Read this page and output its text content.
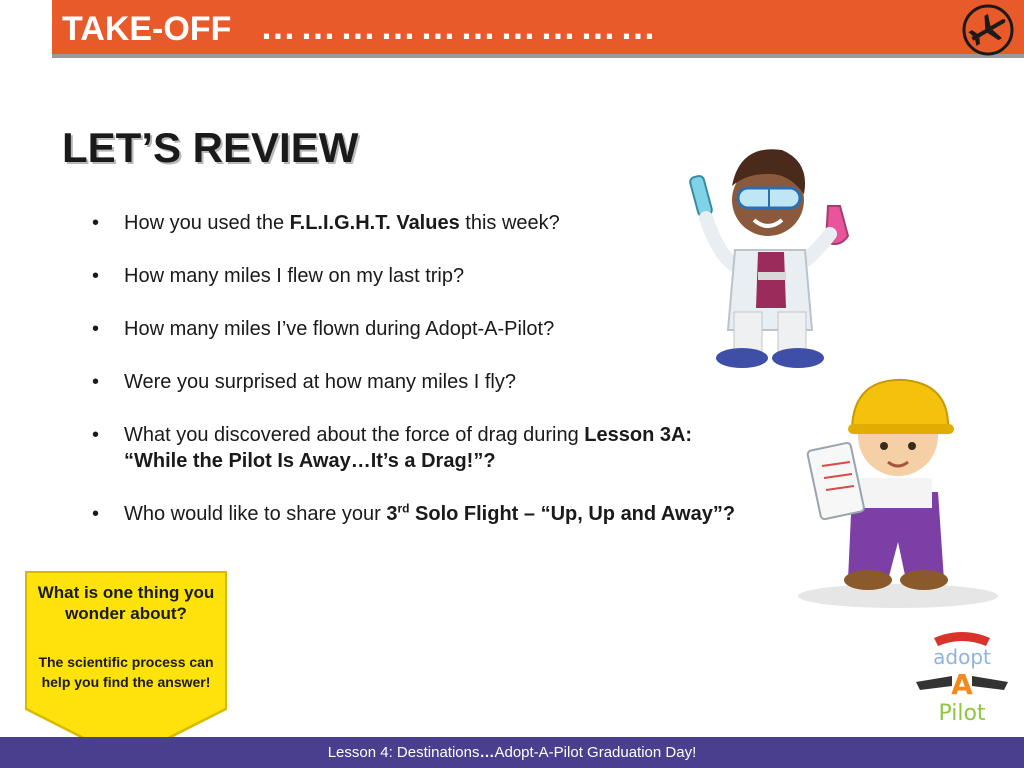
TAKE-OFF …………………………
LET’S REVIEW
• How you used the F.L.I.G.H.T. Values this week?
• How many miles I flew on my last trip?
• How many miles I’ve flown during Adopt-A-Pilot?
• Were you surprised at how many miles I fly?
• What you discovered about the force of drag during Lesson 3A: “While the Pilot Is Away…It’s a Drag!”?
• Who would like to share your 3rd Solo Flight – “Up, Up and Away”?
adopt
A
Pilot
What is one thing you wonder about?
The scientific process can help you find the answer!
Lesson 4: Destinations…Adopt-A-Pilot Graduation Day!
